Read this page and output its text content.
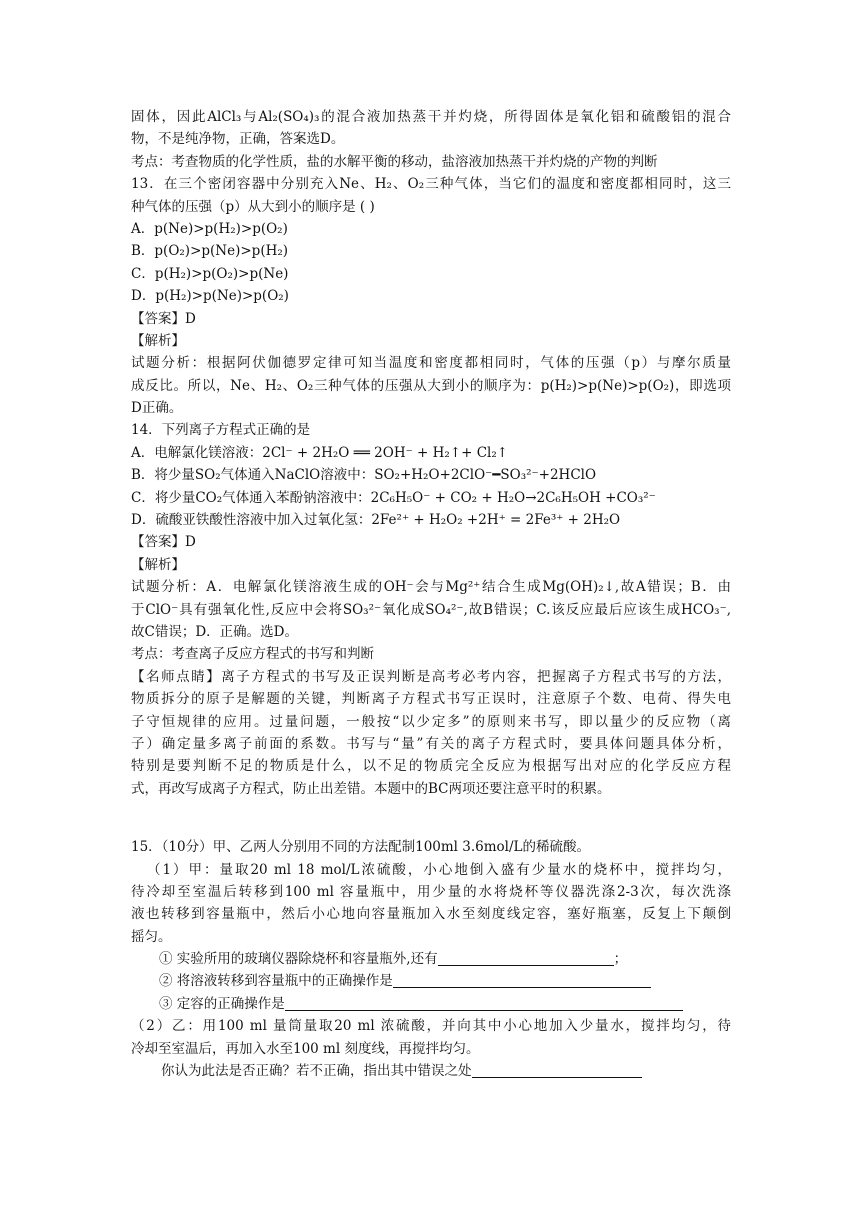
固体，因此AlCl₃与Al₂(SO₄)₃的混合液加热蒸干并灼烧，所得固体是氧化铝和硫酸铝的混合
物，不是纯净物，正确，答案选D。
考点：考查物质的化学性质，盐的水解平衡的移动，盐溶液加热蒸干并灼烧的产物的判断
13．在三个密闭容器中分别充入Ne、H₂、O₂三种气体，当它们的温度和密度都相同时，这三
种气体的压强（p）从大到小的顺序是 ( )
A．p(Ne)>p(H₂)>p(O₂)
B．p(O₂)>p(Ne)>p(H₂)
C．p(H₂)>p(O₂)>p(Ne)
D．p(H₂)>p(Ne)>p(O₂)
【答案】D
【解析】
试题分析：根据阿伏伽德罗定律可知当温度和密度都相同时，气体的压强（p）与摩尔质量
成反比。所以，Ne、H₂、O₂三种气体的压强从大到小的顺序为：p(H₂)>p(Ne)>p(O₂)，即选项
D正确。
14．下列离子方程式正确的是
A．电解氯化镁溶液：2Cl⁻ + 2H₂O ══ 2OH⁻ + H₂↑+ Cl₂↑
B．将少量SO₂气体通入NaClO溶液中：SO₂+H₂O+2ClO⁻━SO₃²⁻+2HClO
C．将少量CO₂气体通入苯酚钠溶液中：2C₆H₅O⁻ + CO₂ + H₂O→2C₆H₅OH +CO₃²⁻
D．硫酸亚铁酸性溶液中加入过氧化氢：2Fe²⁺ + H₂O₂ +2H⁺ = 2Fe³⁺ + 2H₂O
【答案】D
【解析】
试题分析：A．电解氯化镁溶液生成的OH⁻会与Mg²⁺结合生成Mg(OH)₂↓,故A错误；B．由
于ClO⁻具有强氧化性,反应中会将SO₃²⁻氧化成SO₄²⁻,故B错误；C.该反应最后应该生成HCO₃⁻,
故C错误；D．正确。选D。
考点：考查离子反应方程式的书写和判断
【名师点睛】离子方程式的书写及正误判断是高考必考内容，把握离子方程式书写的方法，
物质拆分的原子是解题的关键，判断离子方程式书写正误时，注意原子个数、电荷、得失电
子守恒规律的应用。过量问题，一般按“以少定多”的原则来书写，即以量少的反应物（离
子）确定量多离子前面的系数。书写与“量”有关的离子方程式时，要具体问题具体分析，
特别是要判断不足的物质是什么，以不足的物质完全反应为根据写出对应的化学反应方程
式，再改写成离子方程式，防止出差错。本题中的BC两项还要注意平时的积累。
15．（10分）甲、乙两人分别用不同的方法配制100ml 3.6mol/L的稀硫酸。
（1）甲：量取20 ml 18 mol/L浓硫酸，小心地倒入盛有少量水的烧杯中，搅拌均匀，
待冷却至室温后转移到100 ml 容量瓶中，用少量的水将烧杯等仪器洗涤2-3次，每次洗涤
液也转移到容量瓶中，然后小心地向容量瓶加入水至刻度线定容，塞好瓶塞，反复上下颠倒
摇匀。
① 实验所用的玻璃仪器除烧杯和容量瓶外,还有	；
② 将溶液转移到容量瓶中的正确操作是
③ 定容的正确操作是
（2）乙：用100 ml 量筒量取20 ml 浓硫酸，并向其中小心地加入少量水，搅拌均匀，待
冷却至室温后，再加入水至100 ml 刻度线，再搅拌均匀。
你认为此法是否正确？若不正确，指出其中错误之处
